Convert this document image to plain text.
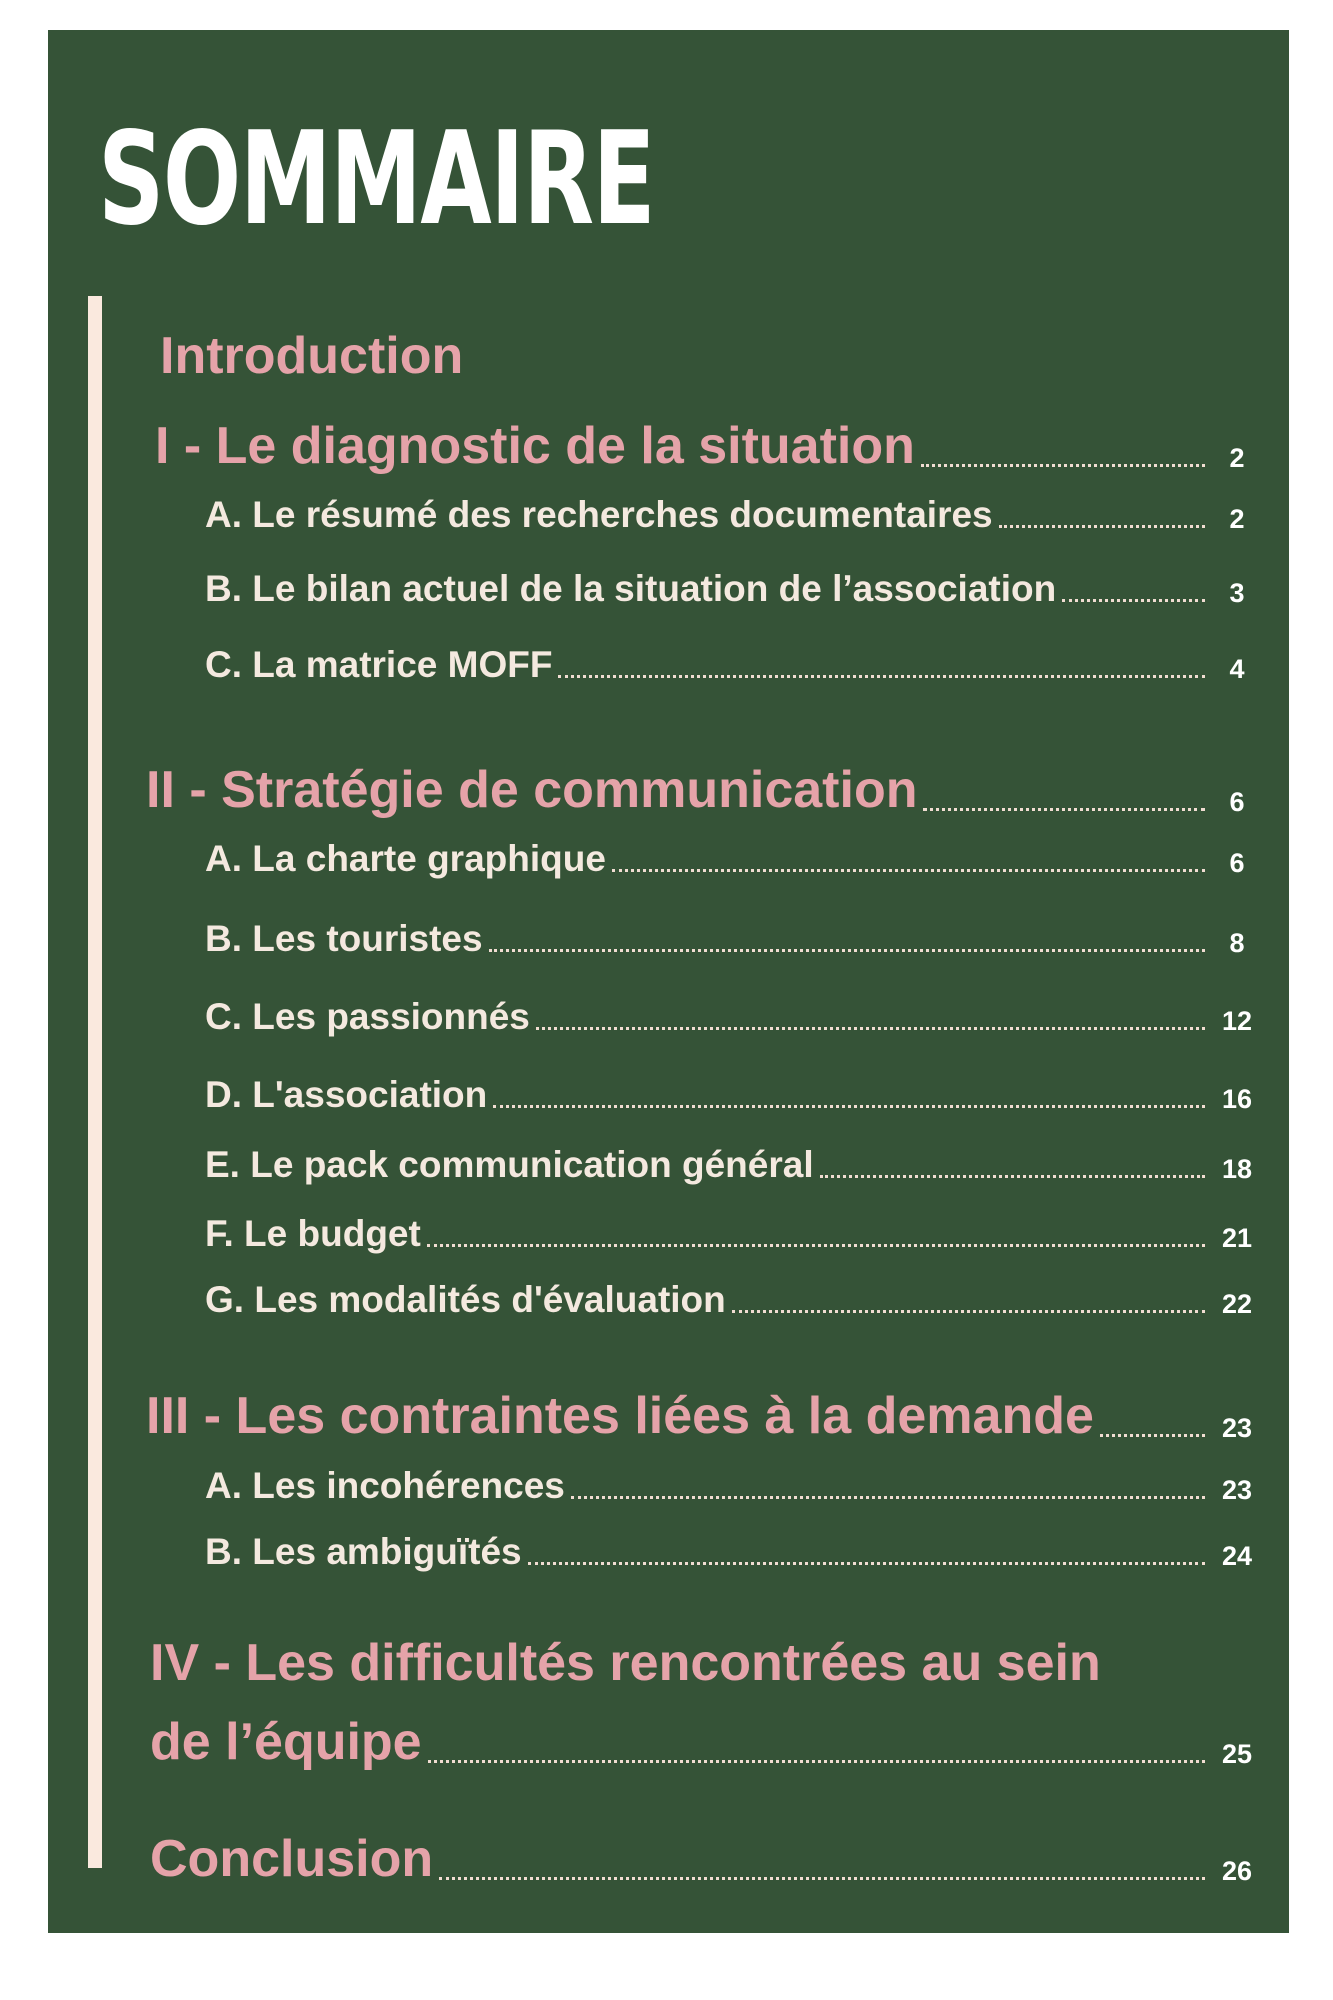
SOMMAIRE
Introduction
I - Le diagnostic de la situation	2
A. Le résumé des recherches documentaires	2
B. Le bilan actuel de la situation de l’association	3
C. La matrice MOFF	4
II - Stratégie de communication	6
A. La charte graphique	6
B. Les touristes	8
C. Les passionnés	12
D. L'association	16
E. Le pack communication général	18
F. Le budget	21
G. Les modalités d'évaluation	22
III - Les contraintes liées à la demande	23
A. Les incohérences	23
B. Les ambiguïtés	24
IV - Les difficultés rencontrées au sein
de l’équipe	25
Conclusion	26
